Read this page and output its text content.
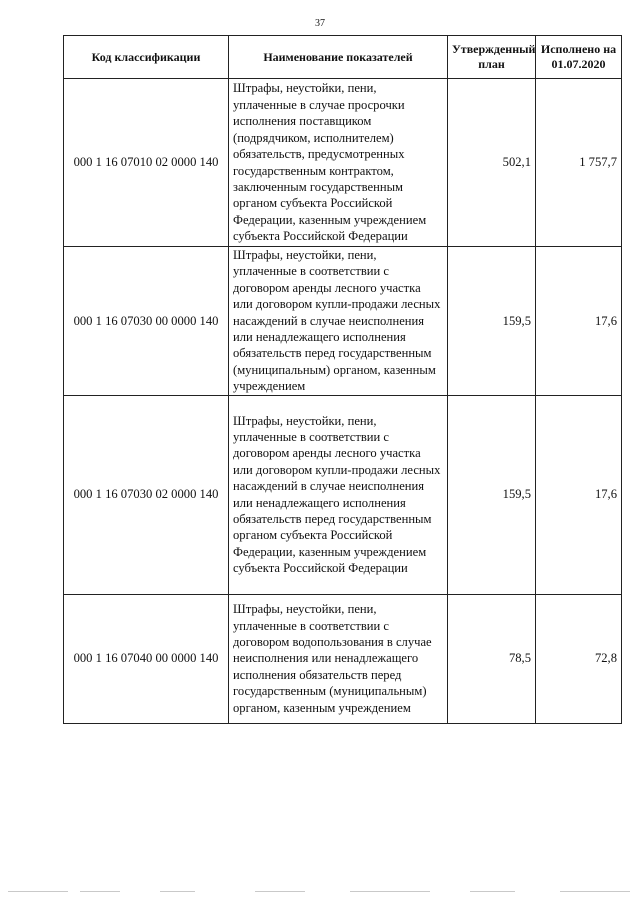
37
Код классификации	Наименование показателей	Утвержденный план	Исполнено на 01.07.2020
000 1 16 07010 02 0000 140	Штрафы, неустойки, пени, уплаченные в случае просрочки исполнения поставщиком (подрядчиком, исполнителем) обязательств, предусмотренных государственным контрактом, заключенным государственным органом субъекта Российской Федерации, казенным учреждением субъекта Российской Федерации	502,1	1 757,7
000 1 16 07030 00 0000 140	Штрафы, неустойки, пени, уплаченные в соответствии с договором аренды лесного участка или договором купли-продажи лесных насаждений в случае неисполнения или ненадлежащего исполнения обязательств перед государственным (муниципальным) органом, казенным учреждением	159,5	17,6
000 1 16 07030 02 0000 140	Штрафы, неустойки, пени, уплаченные в соответствии с договором аренды лесного участка или договором купли-продажи лесных насаждений в случае неисполнения или ненадлежащего исполнения обязательств перед государственным органом субъекта Российской Федерации, казенным учреждением субъекта Российской Федерации	159,5	17,6
000 1 16 07040 00 0000 140	Штрафы, неустойки, пени, уплаченные в соответствии с договором водопользования в случае неисполнения или ненадлежащего исполнения обязательств перед государственным (муниципальным) органом, казенным учреждением	78,5	72,8
